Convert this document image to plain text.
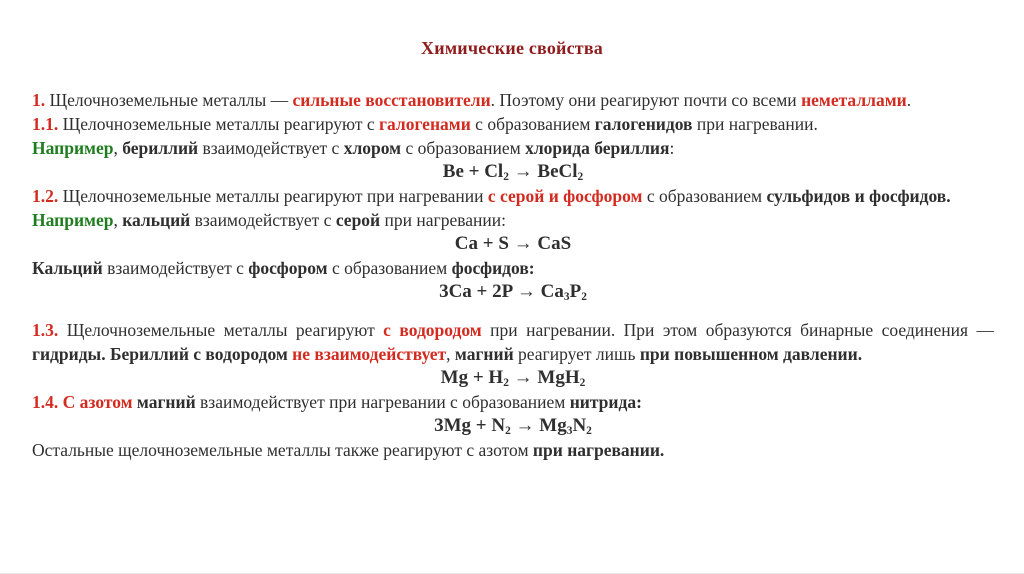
Химические свойства
1. Щелочноземельные металлы — сильные восстановители. Поэтому они реагируют почти со всеми неметаллами.
1.1. Щелочноземельные металлы реагируют с галогенами с образованием галогенидов при нагревании.
Например, бериллий взаимодействует с хлором с образованием хлорида бериллия:
$Be + Cl_2$ → BeCl$_2$
1.2. Щелочноземельные металлы реагируют при нагревании с серой и фосфором с образованием сульфидов и фосфидов.
Например, кальций взаимодействует с серой при нагревании:
Ca + S → CaS
Кальций взаимодействует с фосфором с образованием фосфидов:
$3Ca + 2P \to Ca_3P_2$
1.3. Щелочноземельные металлы реагируют с водородом при нагревании. При этом образуются бинарные соединения — гидриды. Бериллий с водородом не взаимодействует, магний реагирует лишь при повышенном давлении.
$Mg + H_2 \to MgH_2$
1.4. С азотом магний взаимодействует при нагревании с образованием нитрида:
$3Mg + N_2 \to Mg_3N_2$
Остальные щелочноземельные металлы также реагируют с азотом при нагревании.
